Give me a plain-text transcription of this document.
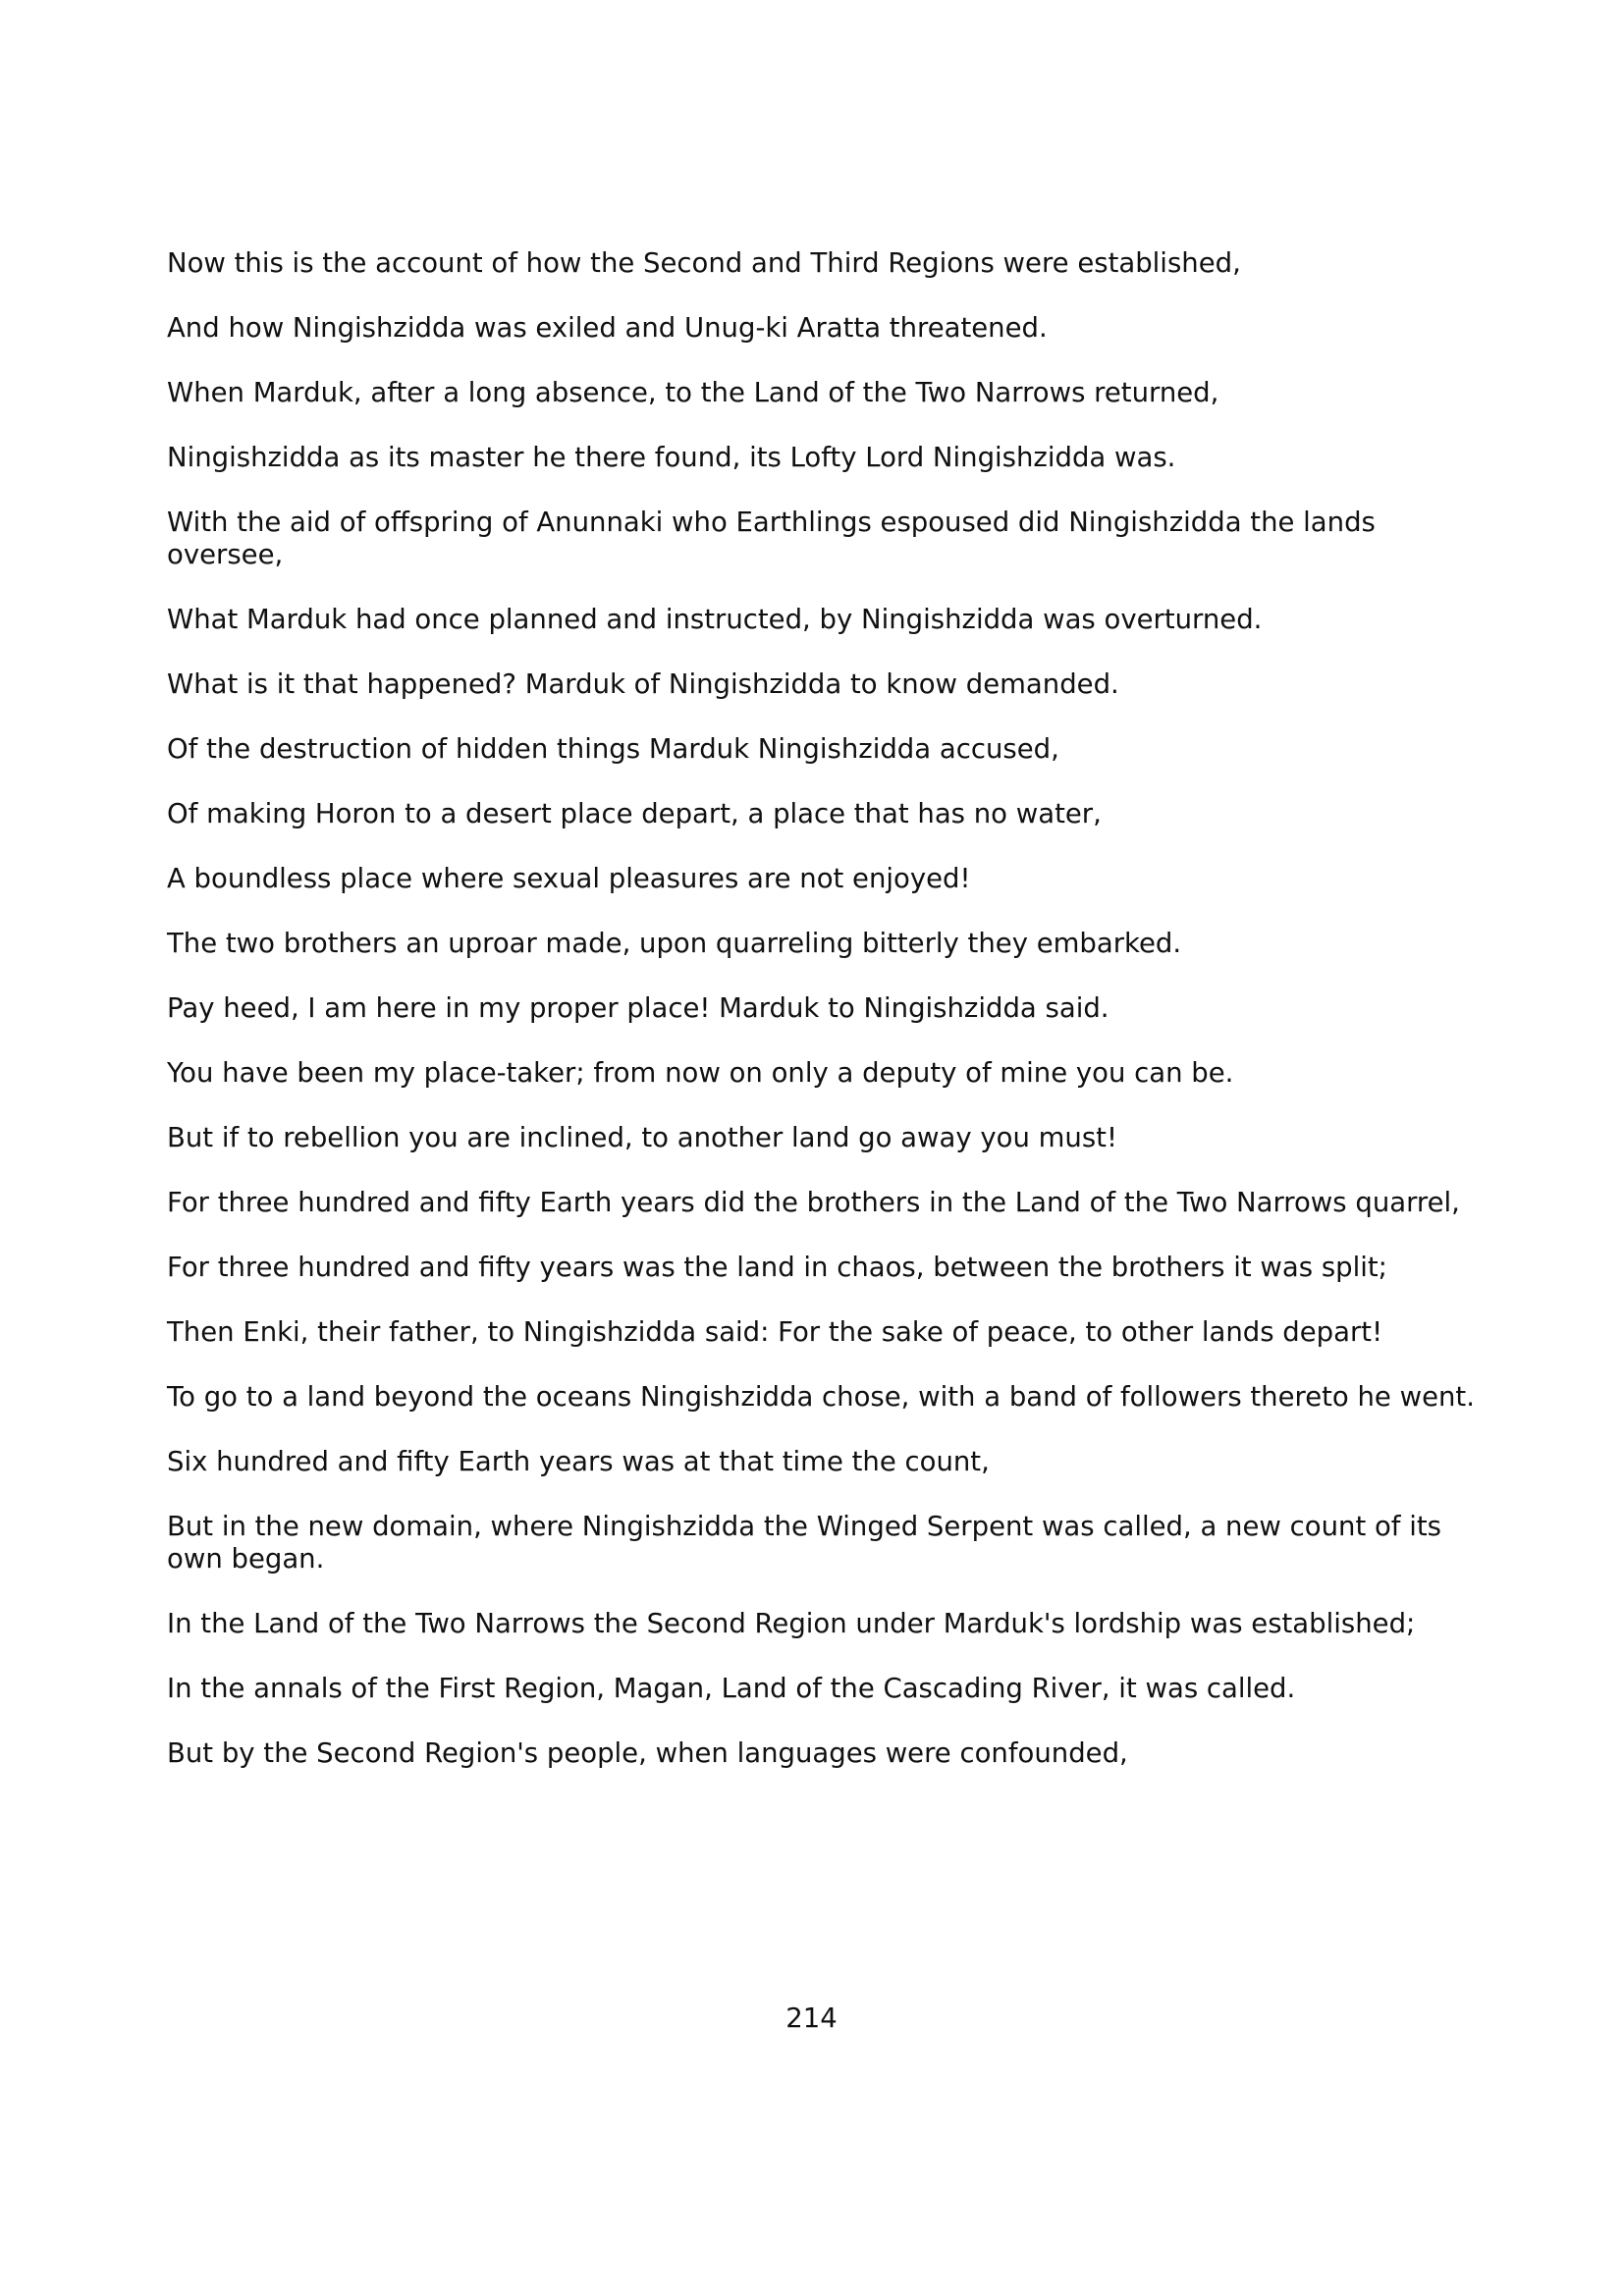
Now this is the account of how the Second and Third Regions were established,

And how Ningishzidda was exiled and Unug-ki Aratta threatened.

When Marduk, after a long absence, to the Land of the Two Narrows returned,

Ningishzidda as its master he there found, its Lofty Lord Ningishzidda was.

With the aid of offspring of Anunnaki who Earthlings espoused did Ningishzidda the lands oversee,

What Marduk had once planned and instructed, by Ningishzidda was overturned.

What is it that happened? Marduk of Ningishzidda to know demanded.

Of the destruction of hidden things Marduk Ningishzidda accused,

Of making Horon to a desert place depart, a place that has no water,

A boundless place where sexual pleasures are not enjoyed!

The two brothers an uproar made, upon quarreling bitterly they embarked.

Pay heed, I am here in my proper place! Marduk to Ningishzidda said.

You have been my place-taker; from now on only a deputy of mine you can be.

But if to rebellion you are inclined, to another land go away you must!

For three hundred and fifty Earth years did the brothers in the Land of the Two Narrows quarrel,

For three hundred and fifty years was the land in chaos, between the brothers it was split;

Then Enki, their father, to Ningishzidda said: For the sake of peace, to other lands depart!

To go to a land beyond the oceans Ningishzidda chose, with a band of followers thereto he went.

Six hundred and fifty Earth years was at that time the count,

But in the new domain, where Ningishzidda the Winged Serpent was called, a new count of its own began.

In the Land of the Two Narrows the Second Region under Marduk's lordship was established;

In the annals of the First Region, Magan, Land of the Cascading River, it was called.

But by the Second Region's people, when languages were confounded,

214
